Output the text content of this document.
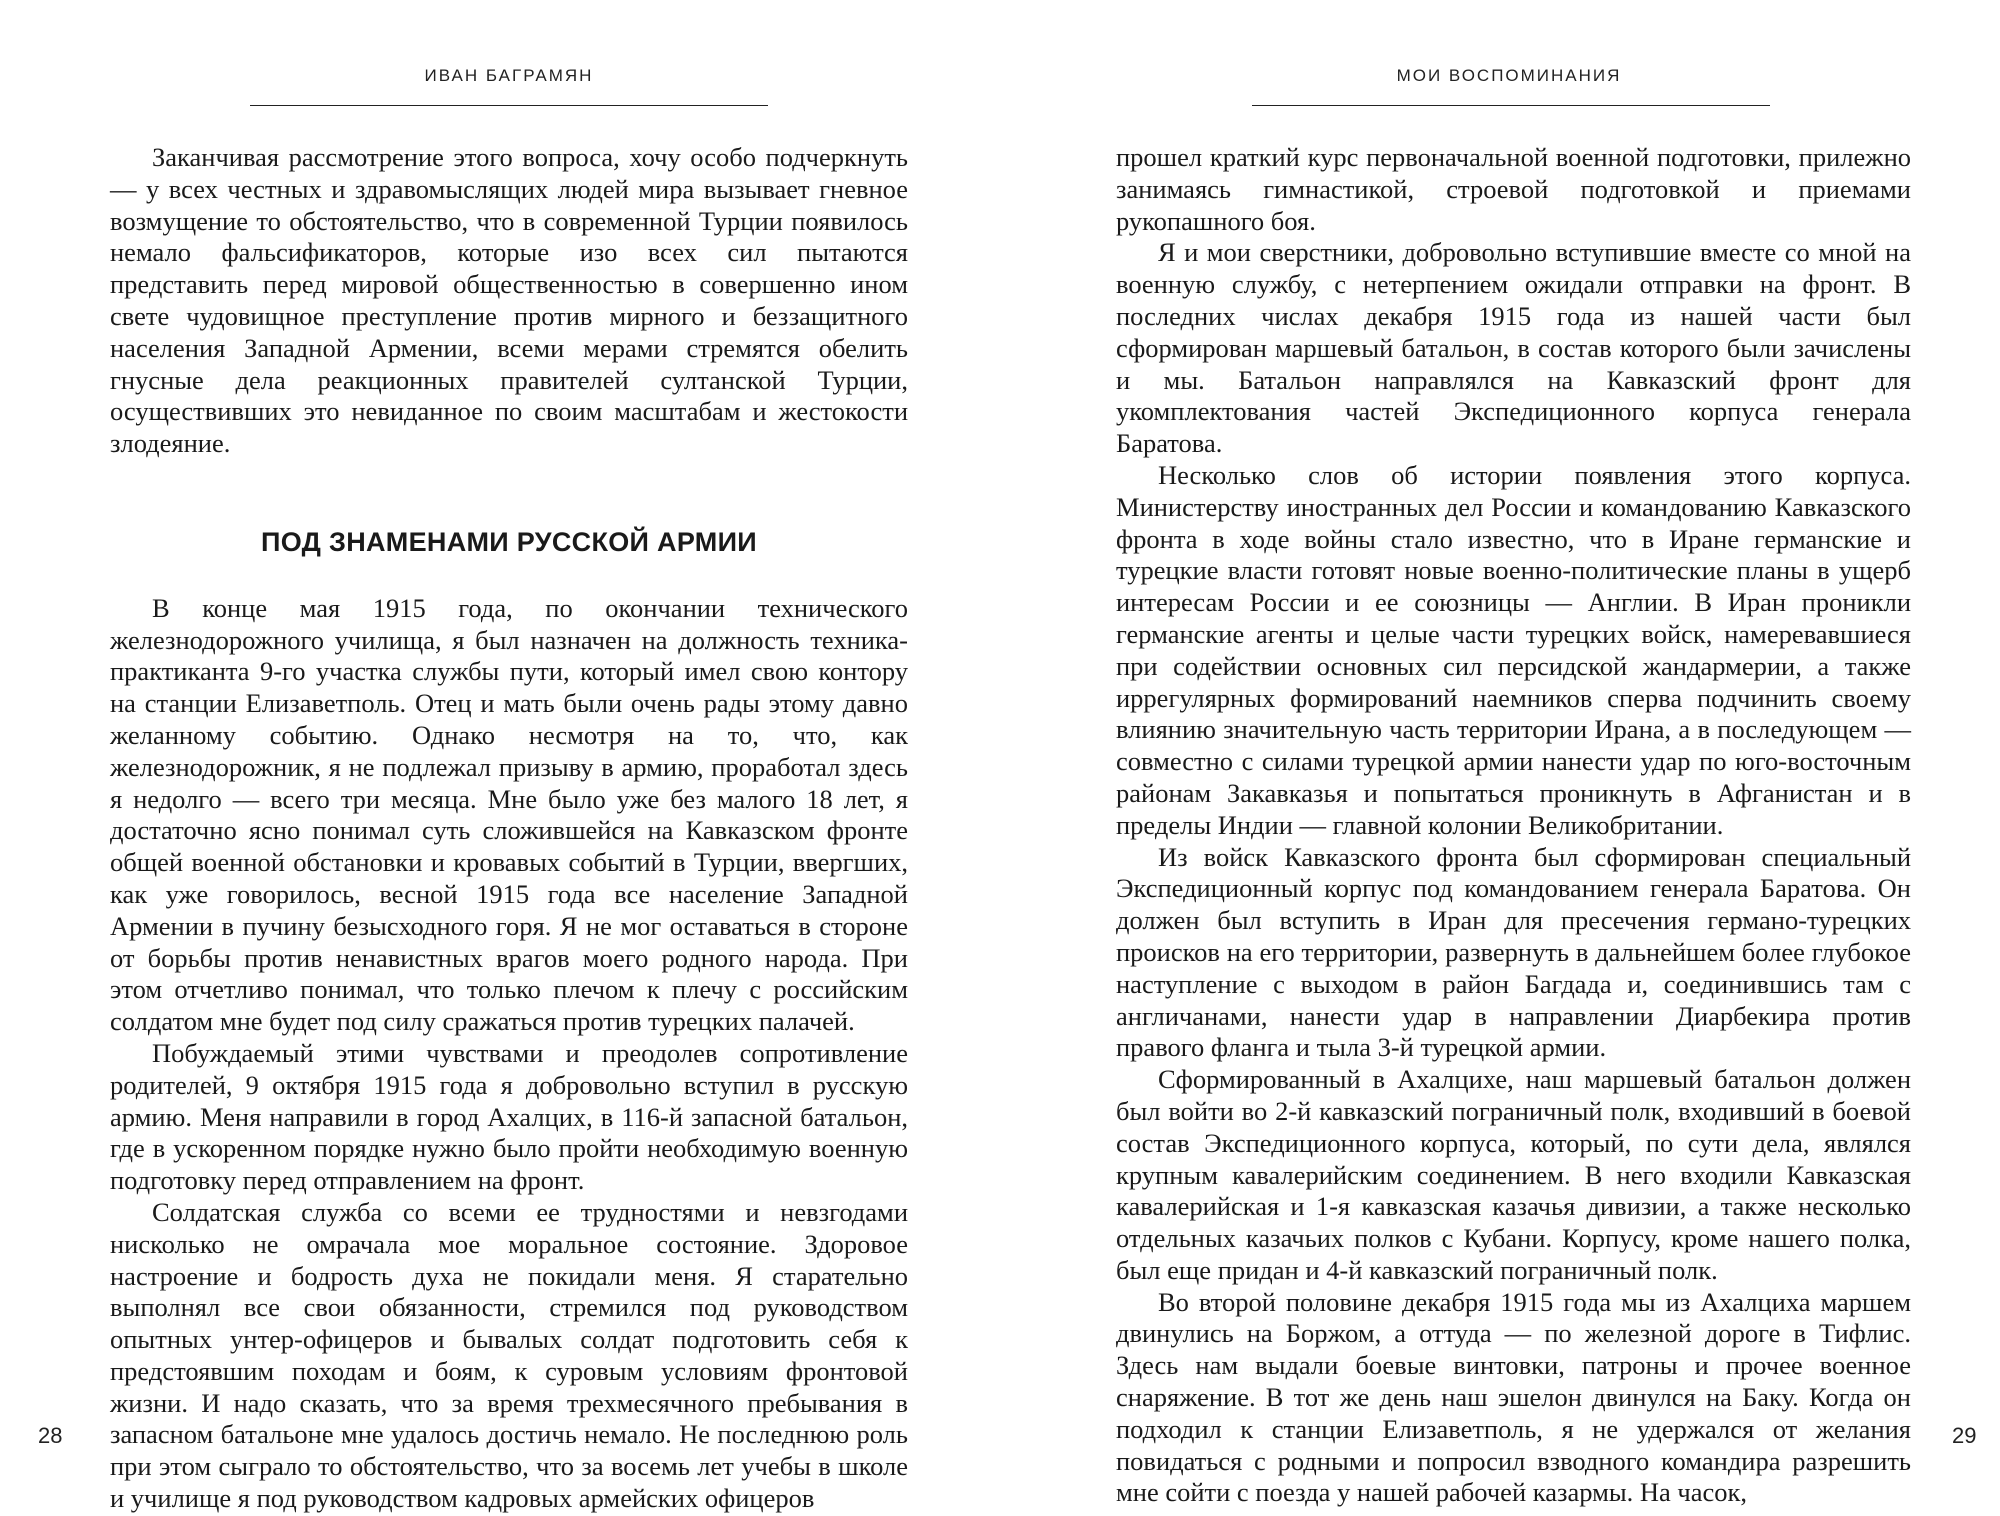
ИВАН БАГРАМЯН

Заканчивая рассмотрение этого вопроса, хочу особо подчеркнуть — у всех честных и здравомыслящих людей мира вызывает гневное возмущение то обстоятельство, что в современной Турции появилось немало фальсификаторов, которые изо всех сил пытаются представить перед мировой общественностью в совершенно ином свете чудовищное преступление против мирного и беззащитного населения Западной Армении, всеми мерами стремятся обелить гнусные дела реакционных правителей султанской Турции, осуществивших это невиданное по своим масштабам и жестокости злодеяние.

ПОД ЗНАМЕНАМИ РУССКОЙ АРМИИ

В конце мая 1915 года, по окончании технического железнодорожного училища, я был назначен на должность техника-практиканта 9-го участка службы пути, который имел свою контору на станции Елизаветполь. Отец и мать были очень рады этому давно желанному событию. Однако несмотря на то, что, как железнодорожник, я не подлежал призыву в армию, проработал здесь я недолго — всего три месяца. Мне было уже без малого 18 лет, я достаточно ясно понимал суть сложившейся на Кавказском фронте общей военной обстановки и кровавых событий в Турции, ввергших, как уже говорилось, весной 1915 года все население Западной Армении в пучину безысходного горя. Я не мог оставаться в стороне от борьбы против ненавистных врагов моего родного народа. При этом отчетливо понимал, что только плечом к плечу с российским солдатом мне будет под силу сражаться против турецких палачей.

Побуждаемый этими чувствами и преодолев сопротивление родителей, 9 октября 1915 года я добровольно вступил в русскую армию. Меня направили в город Ахалцих, в 116-й запасной батальон, где в ускоренном порядке нужно было пройти необходимую военную подготовку перед отправлением на фронт.

Солдатская служба со всеми ее трудностями и невзгодами нисколько не омрачала мое моральное состояние. Здоровое настроение и бодрость духа не покидали меня. Я старательно выполнял все свои обязанности, стремился под руководством опытных унтер-офицеров и бывалых солдат подготовить себя к предстоявшим походам и боям, к суровым условиям фронтовой жизни. И надо сказать, что за время трехмесячного пребывания в запасном батальоне мне удалось достичь немало. Не последнюю роль при этом сыграло то обстоятельство, что за восемь лет учебы в школе и училище я под руководством кадровых армейских офицеров

28
МОИ ВОСПОМИНАНИЯ

прошел краткий курс первоначальной военной подготовки, прилежно занимаясь гимнастикой, строевой подготовкой и приемами рукопашного боя.

Я и мои сверстники, добровольно вступившие вместе со мной на военную службу, с нетерпением ожидали отправки на фронт. В последних числах декабря 1915 года из нашей части был сформирован маршевый батальон, в состав которого были зачислены и мы. Батальон направлялся на Кавказский фронт для укомплектования частей Экспедиционного корпуса генерала Баратова.

Несколько слов об истории появления этого корпуса. Министерству иностранных дел России и командованию Кавказского фронта в ходе войны стало известно, что в Иране германские и турецкие власти готовят новые военно-политические планы в ущерб интересам России и ее союзницы — Англии. В Иран проникли германские агенты и целые части турецких войск, намеревавшиеся при содействии основных сил персидской жандармерии, а также иррегулярных формирований наемников сперва подчинить своему влиянию значительную часть территории Ирана, а в последующем — совместно с силами турецкой армии нанести удар по юго-восточным районам Закавказья и попытаться проникнуть в Афганистан и в пределы Индии — главной колонии Великобритании.

Из войск Кавказского фронта был сформирован специальный Экспедиционный корпус под командованием генерала Баратова. Он должен был вступить в Иран для пресечения германо-турецких происков на его территории, развернуть в дальнейшем более глубокое наступление с выходом в район Багдада и, соединившись там с англичанами, нанести удар в направлении Диарбекира против правого фланга и тыла 3-й турецкой армии.

Сформированный в Ахалцихе, наш маршевый батальон должен был войти во 2-й кавказский пограничный полк, входивший в боевой состав Экспедиционного корпуса, который, по сути дела, являлся крупным кавалерийским соединением. В него входили Кавказская кавалерийская и 1-я кавказская казачья дивизии, а также несколько отдельных казачьих полков с Кубани. Корпусу, кроме нашего полка, был еще придан и 4-й кавказский пограничный полк.

Во второй половине декабря 1915 года мы из Ахалциха маршем двинулись на Боржом, а оттуда — по железной дороге в Тифлис. Здесь нам выдали боевые винтовки, патроны и прочее военное снаряжение. В тот же день наш эшелон двинулся на Баку. Когда он подходил к станции Елизаветполь, я не удержался от желания повидаться с родными и попросил взводного командира разрешить мне сойти с поезда у нашей рабочей казармы. На часок,

29
